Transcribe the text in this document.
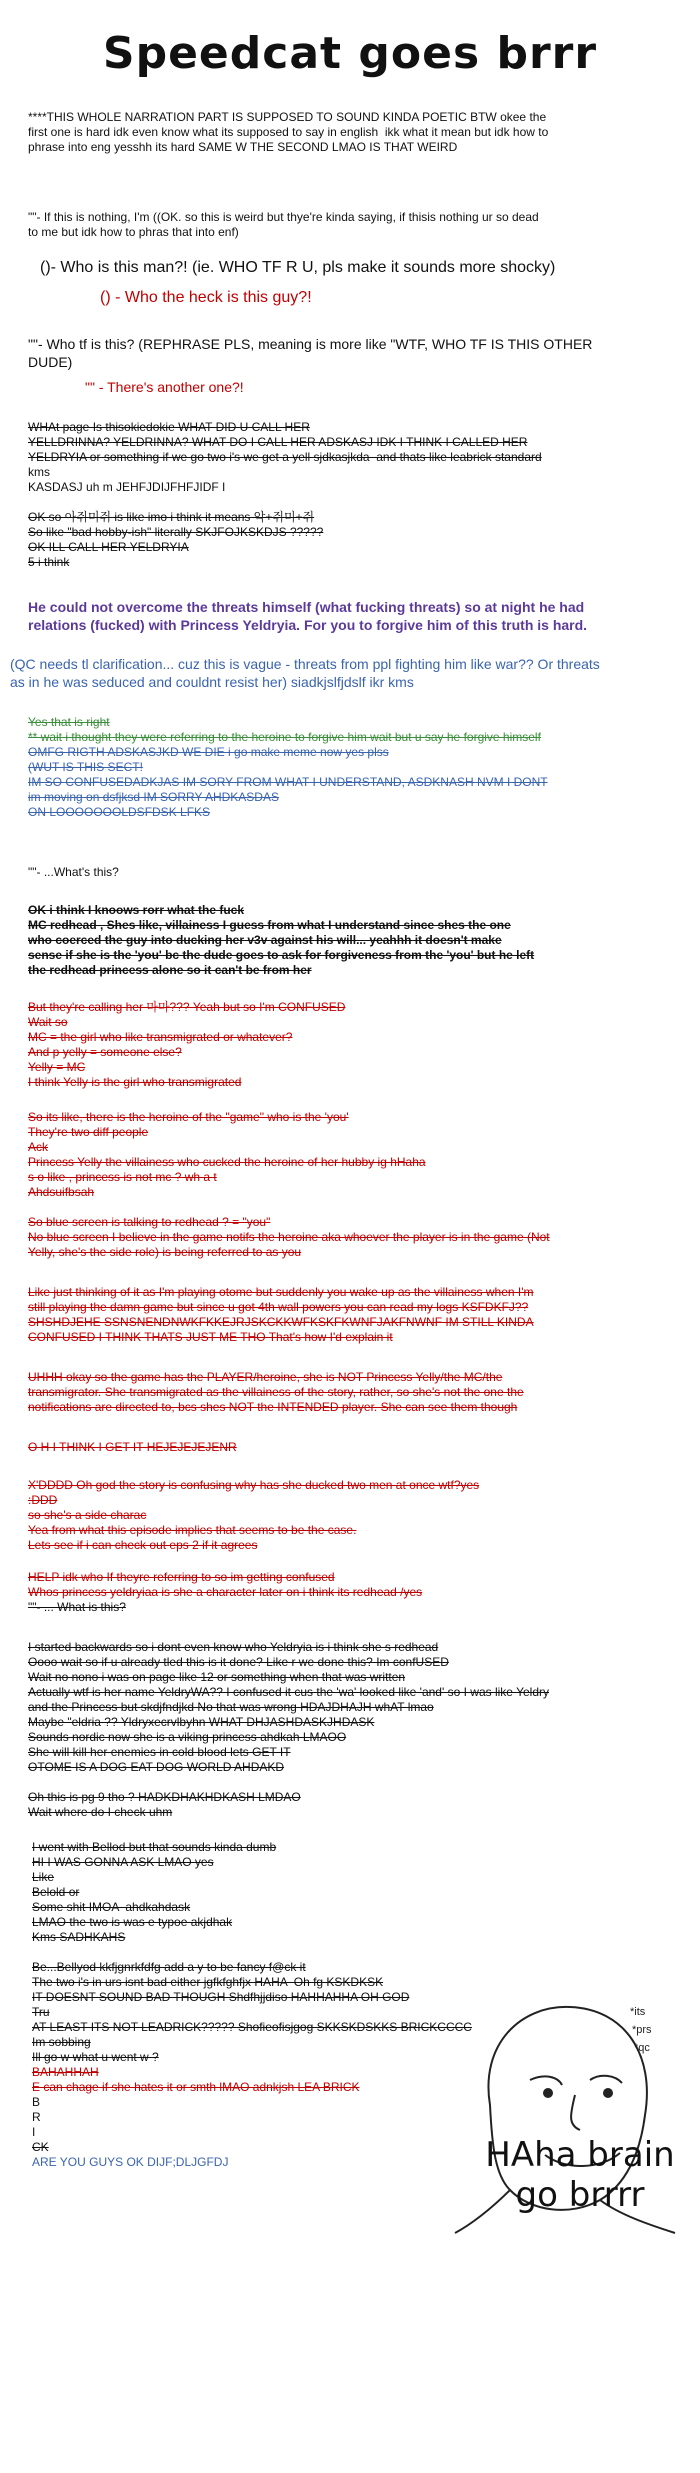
Speedcat goes brrr
****THIS WHOLE NARRATION PART IS SUPPOSED TO SOUND KINDA POETIC BTW okee the
first one is hard idk even know what its supposed to say in english  ikk what it mean but idk how to
phrase into eng yesshh its hard SAME W THE SECOND LMAO IS THAT WEIRD
""- If this is nothing, I'm ((OK. so this is weird but thye're kinda saying, if thisis nothing ur so dead
to me but idk how to phras that into enf)
()- Who is this man?! (ie. WHO TF R U, pls make it sounds more shocky)
() - Who the heck is this guy?!
""- Who tf is this? (REPHRASE PLS, meaning is more like "WTF, WHO TF IS THIS OTHER
DUDE)
"" - There's another one?!
WHAt page Is thisokiedokie WHAT DID U CALL HER
YELLDRINNA? YELDRINNA? WHAT DO I CALL HER ADSKASJ IDK I THINK I CALLED HER
YELDRYIA or something if we go two i's we get a yell sjdkasjkda  and thats like leabrick standard
kms
KASDASJ uh m JEHFJDIJFHFJIDF I
OK so 아쥐미쥐 is like imo i think it means 악+쥐미+쥐
So like "bad hobby-ish" literally SKJFOJKSKDJS ?????
OK ILL CALL HER YELDRYIA
5 i think
He could not overcome the threats himself (what fucking threats) so at night he had
relations (fucked) with Princess Yeldryia. For you to forgive him of this truth is hard.
(QC needs tl clarification... cuz this is vague - threats from ppl fighting him like war?? Or threats
as in he was seduced and couldnt resist her) siadkjslfjdslf ikr kms
Yes that is right
** wait i thought they were referring to the heroine to forgive him wait but u say he forgive himself
OMFG RIGTH ADSKASJKD WE DIE i go make meme now yes plss
(WUT IS THIS SECT!
IM SO CONFUSEDADKJAS IM SORY FROM WHAT I UNDERSTAND, ASDKNASH NVM I DONT
im moving on dsfjksd IM SORRY AHDKASDAS
ON LOOOOOOOLDSFDSK LFKS
""- ...What's this?
OK i think I knoows rorr what the fuck
MC redhead , Shes like, villainess I guess from what I understand since shes the one
who coerced the guy into ducking her v3v against his will... yeahhh it doesn't make
sense if she is the 'you' bc the dude goes to ask for forgiveness from the 'you' but he left
the redhead princess alone so it can't be from her
But they're calling her 마마??? Yeah but so I'm CONFUSED
Wait so
MC = the girl who like transmigrated or whatever?
And p yelly = someone else?
Yelly = MC
I think Yelly is the girl who transmigrated
So its like, there is the heroine of the "game" who is the 'you'
They're two diff people
Ack
Princess Yelly the villainess who cucked the heroine of her hubby ig hHaha
s o like , princess is not mc ? wh a t
Ahdsuifbsah
So blue screen is talking to redhead ? = "you"
No blue screen I believe in the game notifs the heroine aka whoever the player is in the game (Not
Yelly, she's the side role) is being referred to as you
Like just thinking of it as I'm playing otome but suddenly you wake up as the villainess when I'm
still playing the damn game but since u got 4th wall powers you can read my logs KSFDKFJ??
SHSHDJEHE SSNSNENDNWKFKKEJRJSKCKKWFKSKFKWNFJAKFNWNF IM STILL KINDA
CONFUSED I THINK THATS JUST ME THO That's how I'd explain it
UHHH okay so the game has the PLAYER/heroine, she is NOT Princess Yelly/the MC/the
transmigrator. She transmigrated as the villainess of the story, rather, so she's not the one the
notifications are directed to, bcs shes NOT the INTENDED player. She can see them though
O H I THINK I GET IT HEJEJEJEJENR
X'DDDD Oh god the story is confusing why has she ducked two men at once wtf?yes
:DDD
so she's a side charac
Yea from what this episode implies that seems to be the case.
Lets see if i can check out eps 2 if it agrees
HELP idk who If theyre referring to so im getting confused
Whos princess yeldryiaa is she a character later on i think its redhead /yes
""- ... What is this?
I started backwards so i dont even know who Yeldryia is i think she s redhead
Oooo wait so if u already tled this is it done? Like r we done this? Im confUSED
Wait no nono i was on page like 12 or something when that was written
Actually wtf is her name YeldryWA?? I confused it cus the 'wa' looked like 'and' so I was like Yeldry
and the Princess but skdjfndjkd No that was wrong HDAJDHAJH whAT lmao
Maybe "eldria ?? Yldryxecrvlbyhn WHAT DHJASHDASKJHDASK
Sounds nordic now she is a viking princess ahdkah LMAOO
She will kill her enemies in cold blood lets GET IT
OTOME IS A DOG EAT DOG WORLD AHDAKD
Oh this is pg 9 tho ? HADKDHAKHDKASH LMDAO
Wait where do I check uhm
I went with Bellod but that sounds kinda dumb
HI I WAS GONNA ASK LMAO yes
Like
Belold or
Some shit IMOA  ahdkahdask
LMAO the two is was e typoe akjdhak
Kms SADHKAHS
Be...Bellyod kkfjgnrkfdfg add a y to be fancy f@ck it
The two i's in urs isnt bad either jgfkfghfjx HAHA  Oh fg KSKDKSK
IT DOESNT SOUND BAD THOUGH Shdfhjjdiso HAHHAHHA OH GOD
Tru
AT LEAST ITS NOT LEADRICK????? Shofieofisjgog SKKSKDSKKS BRICKCCCC
Im sobbing
Ill go w what u went w ?
BAHAHHAH
E can chage if she hates it or smth lMAO adnkjsh LEA BRICK
B
R
I
CK
ARE YOU GUYS OK DIJF;DLJGFDJ
*its
*prs
*qc
HAha brain go brrrr
